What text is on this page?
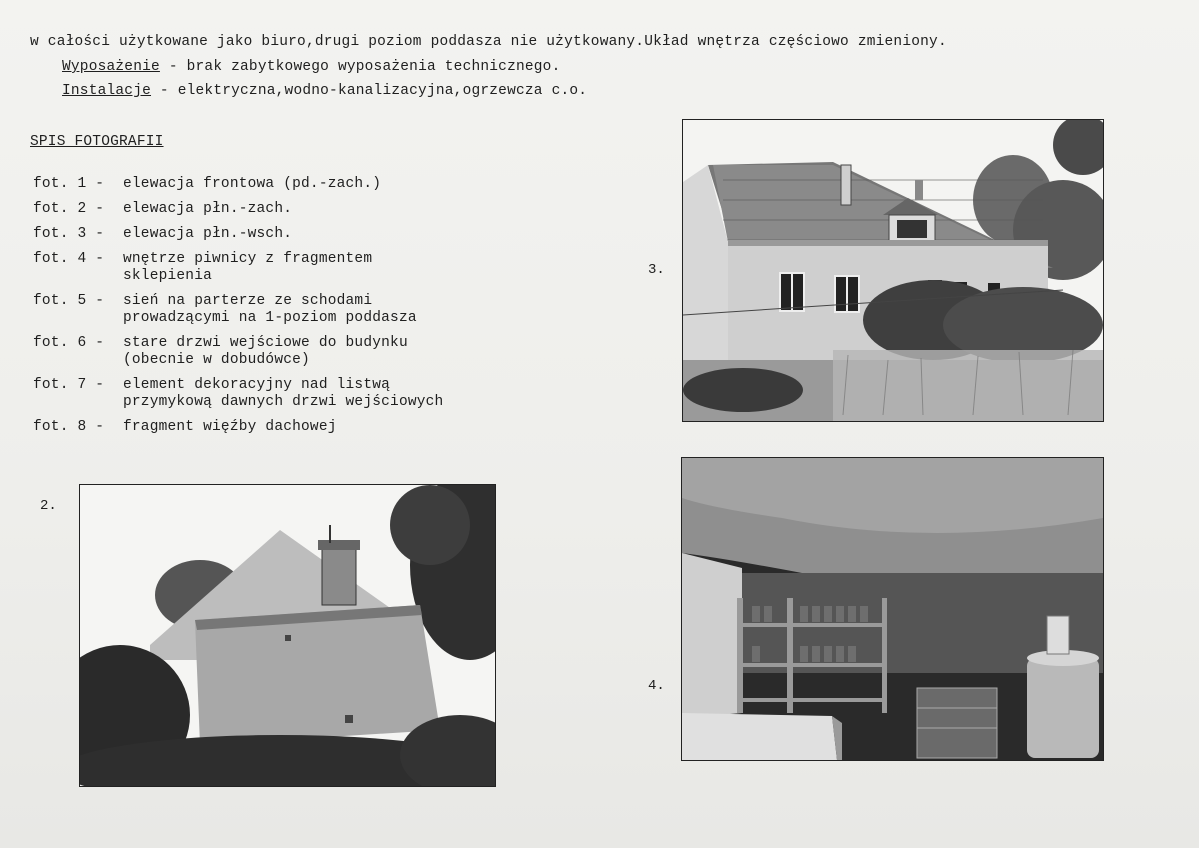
w całości użytkowane jako biuro,drugi poziom poddasza nie użytkowany.Układ wnętrza częściowo zmieniony.
Wyposażenie - brak zabytkowego wyposażenia technicznego.
Instalacje - elektryczna,wodno-kanalizacyjna,ogrzewcza c.o.
SPIS FOTOGRAFII
fot. 1 - elewacja frontowa (pd.-zach.)
fot. 2 - elewacja płn.-zach.
fot. 3 - elewacja płn.-wsch.
fot. 4 - wnętrze piwnicy z fragmentem
sklepienia
fot. 5 - sień na parterze ze schodami
prowadzącymi na 1-poziom poddasza
fot. 6 - stare drzwi wejściowe do budynku
(obecnie w dobudówce)
fot. 7 - element dekoracyjny nad listwą
przymykową dawnych drzwi wejściowych
fot. 8 - fragment więźby dachowej
3.
2.
4.
